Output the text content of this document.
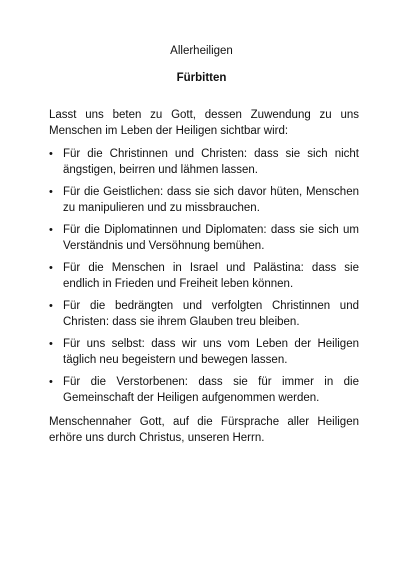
Allerheiligen
Fürbitten
Lasst uns beten zu Gott, dessen Zuwendung zu uns Menschen im Leben der Heiligen sichtbar wird:
• Für die Christinnen und Christen: dass sie sich nicht ängstigen, beirren und lähmen lassen.
• Für die Geistlichen: dass sie sich davor hüten, Menschen zu manipulieren und zu missbrauchen.
• Für die Diplomatinnen und Diplomaten: dass sie sich um Verständnis und Versöhnung bemühen.
• Für die Menschen in Israel und Palästina: dass sie endlich in Frieden und Freiheit leben können.
• Für die bedrängten und verfolgten Christinnen und Christen: dass sie ihrem Glauben treu bleiben.
• Für uns selbst: dass wir uns vom Leben der Heiligen täglich neu begeistern und bewegen lassen.
• Für die Verstorbenen: dass sie für immer in die Gemeinschaft der Heiligen aufgenommen werden.
Menschennaher Gott, auf die Fürsprache aller Heiligen erhöre uns durch Christus, unseren Herrn.
